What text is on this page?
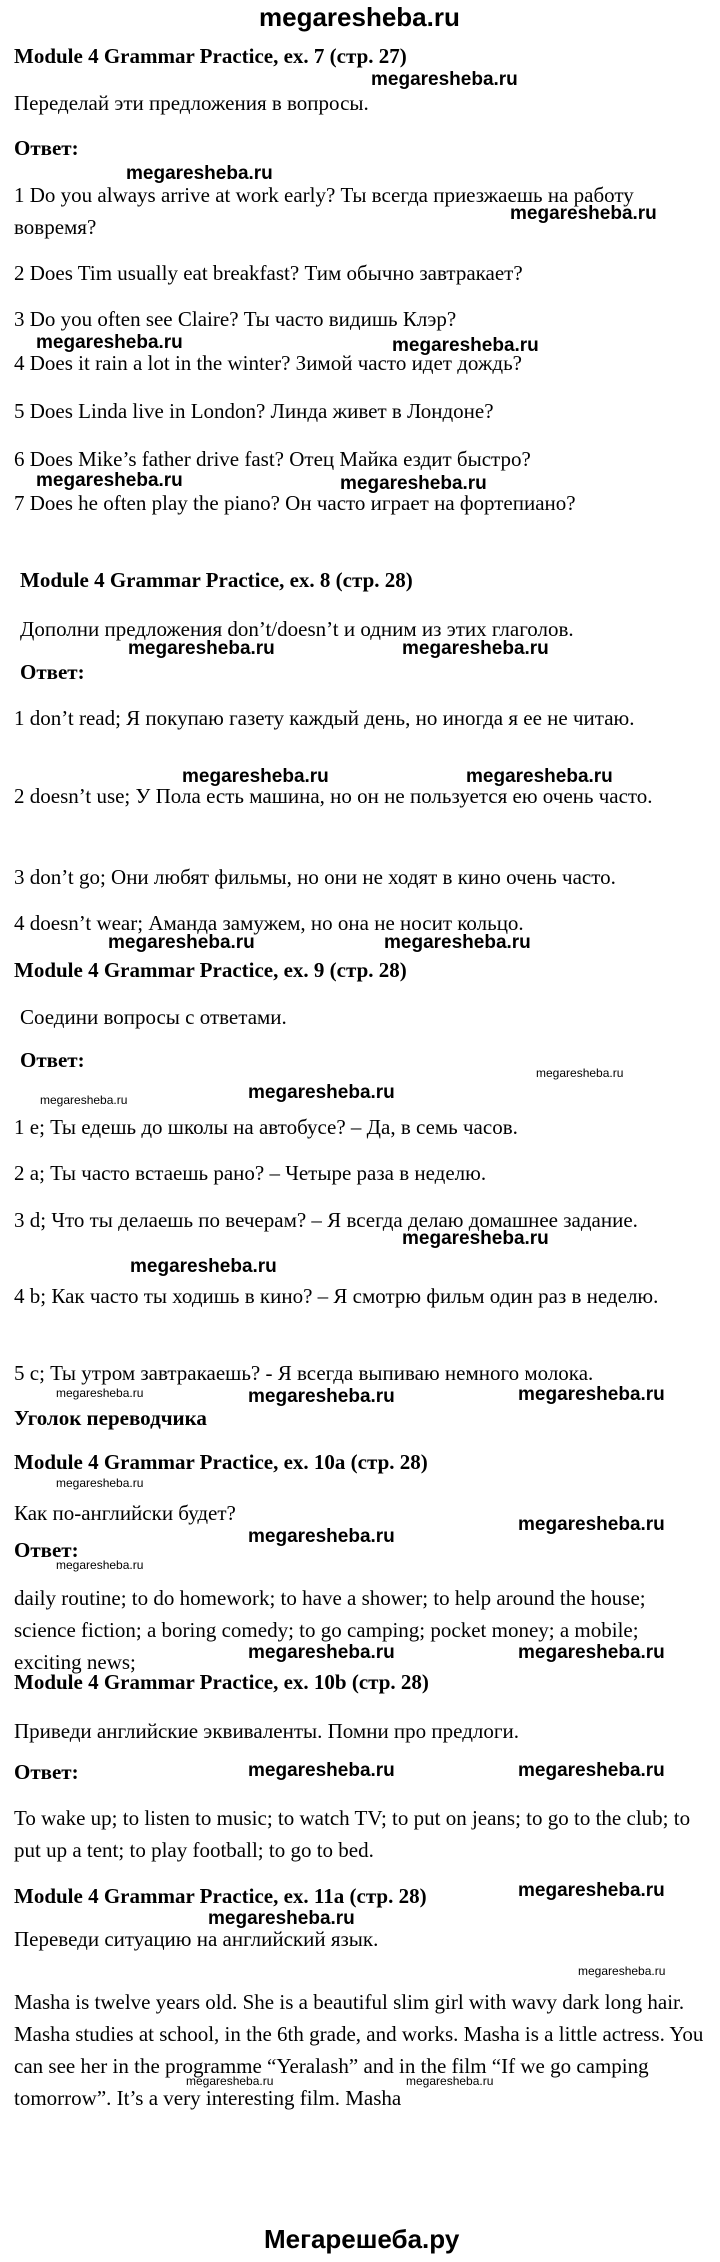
megaresheba.ru
Module 4 Grammar Practice, ex. 7 (стр. 27)
megaresheba.ru
Переделай эти предложения в вопросы.
Ответ:
megaresheba.ru
1 Do you always arrive at work early? Ты всегда приезжаешь на работу вовремя?
megaresheba.ru
2 Does Tim usually eat breakfast? Тим обычно завтракает?
3 Do you often see Claire? Ты часто видишь Клэр?
megaresheba.ru	megaresheba.ru
4 Does it rain a lot in the winter? Зимой часто идет дождь?
5 Does Linda live in London? Линда живет в Лондоне?
6 Does Mike’s father drive fast? Отец Майка ездит быстро?
megaresheba.ru	megaresheba.ru
7 Does he often play the piano? Он часто играет на фортепиано?
Module 4 Grammar Practice, ex. 8 (стр. 28)
Дополни предложения don’t/doesn’t и одним из этих глаголов.
megaresheba.ru	megaresheba.ru
Ответ:
1 don’t read; Я покупаю газету каждый день, но иногда я ее не читаю.
megaresheba.ru	megaresheba.ru
2 doesn’t use; У Пола есть машина, но он не пользуется ею очень часто.
3 don’t go; Они любят фильмы, но они не ходят в кино очень часто.
4 doesn’t wear; Аманда замужем, но она не носит кольцо.
megaresheba.ru	megaresheba.ru
Module 4 Grammar Practice, ex. 9 (стр. 28)
Соедини вопросы с ответами.
Ответ:
megaresheba.ru
megaresheba.ru	megaresheba.ru
1 e; Ты едешь до школы на автобусе? – Да, в семь часов.
2 a; Ты часто встаешь рано? – Четыре раза в неделю.
3 d; Что ты делаешь по вечерам? – Я всегда делаю домашнее задание.
megaresheba.ru
megaresheba.ru
4 b; Как часто ты ходишь в кино? – Я смотрю фильм один раз в неделю.
5 c; Ты утром завтракаешь? - Я всегда выпиваю немного молока.
megaresheba.ru	megaresheba.ru	megaresheba.ru
Уголок переводчика
Module 4 Grammar Practice, ex. 10a (стр. 28)
megaresheba.ru
Как по-английски будет?	megaresheba.ru
megaresheba.ru
Ответ:
megaresheba.ru
daily routine; to do homework; to have a shower; to help around the house; science fiction; a boring comedy; to go camping; pocket money; a mobile; exciting news;	megaresheba.ru	megaresheba.ru
Module 4 Grammar Practice, ex. 10b (стр. 28)
Приведи английские эквиваленты. Помни про предлоги.
Ответ:	megaresheba.ru	megaresheba.ru
To wake up; to listen to music; to watch TV; to put on jeans; to go to the club; to put up a tent; to play football; to go to bed.
Module 4 Grammar Practice, ex. 11a (стр. 28)	megaresheba.ru
megaresheba.ru
Переведи ситуацию на английский язык.
megaresheba.ru
Masha is twelve years old. She is a beautiful slim girl with wavy dark long hair. Masha studies at school, in the 6th grade, and works. Masha is a little actress. You can see her in the programme “Yeralash” and in the film “If we go camping tomorrow”. It’s a very interesting film. Masha
megaresheba.ru	megaresheba.ru
Мегарешеба.ру
